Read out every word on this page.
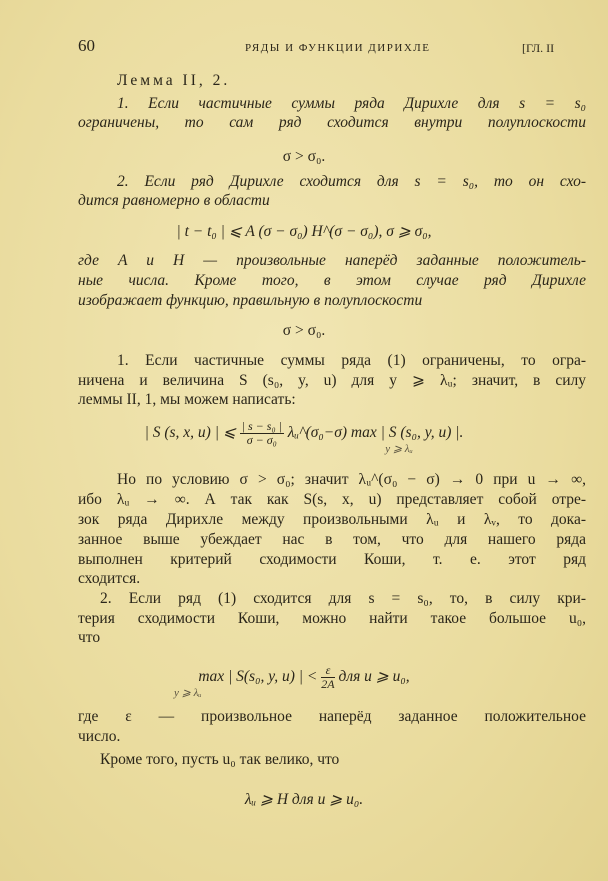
60	РЯДЫ И ФУНКЦИИ ДИРИХЛЕ	[ГЛ. II
Лемма II, 2.
1. Если частичные суммы ряда Дирихле для s = s₀
ограничены, то сам ряд сходится внутри полуплоскости
σ > σ₀.
2. Если ряд Дирихле сходится для s = s₀, то он схо-
дится равномерно в области
| t − t₀ | ⩽ A (σ − σ₀) H^(σ − σ₀), σ ⩾ σ₀,
где A и H — произвольные наперёд заданные положитель-
ные числа. Кроме того, в этом случае ряд Дирихле
изображает функцию, правильную в полуплоскости
σ > σ₀.
1. Если частичные суммы ряда (1) ограничены, то огра-
ничена и величина S (s₀, y, u) для y ⩾ λᵤ; значит, в силу
леммы II, 1, мы можем написать:
| S (s, x, u) | ⩽ $\frac{\text{| s − s₀ |}}{\text{σ − σ₀}}$ λᵤ^(σ₀−σ) max | S (s₀, y, u) |.
y ⩾ λᵤ
Но по условию σ > σ₀; значит λᵤ^(σ₀ − σ) → 0 при u → ∞,
ибо λᵤ → ∞. А так как S(s, x, u) представляет собой отре-
зок ряда Дирихле между произвольными λᵤ и λᵥ, то дока-
занное выше убеждает нас в том, что для нашего ряда
выполнен критерий сходимости Коши, т. е. этот ряд
сходится.
2. Если ряд (1) сходится для s = s₀, то, в силу кри-
терия сходимости Коши, можно найти такое большое u₀,
что
max | S(s₀, y, u) | < $\frac{\varepsilon}{2A}$ для u ⩾ u₀,
y ⩾ λᵤ
где ε — произвольное наперёд заданное положительное
число.
Кроме того, пусть u₀ так велико, что
λᵤ ⩾ H для u ⩾ u₀.
